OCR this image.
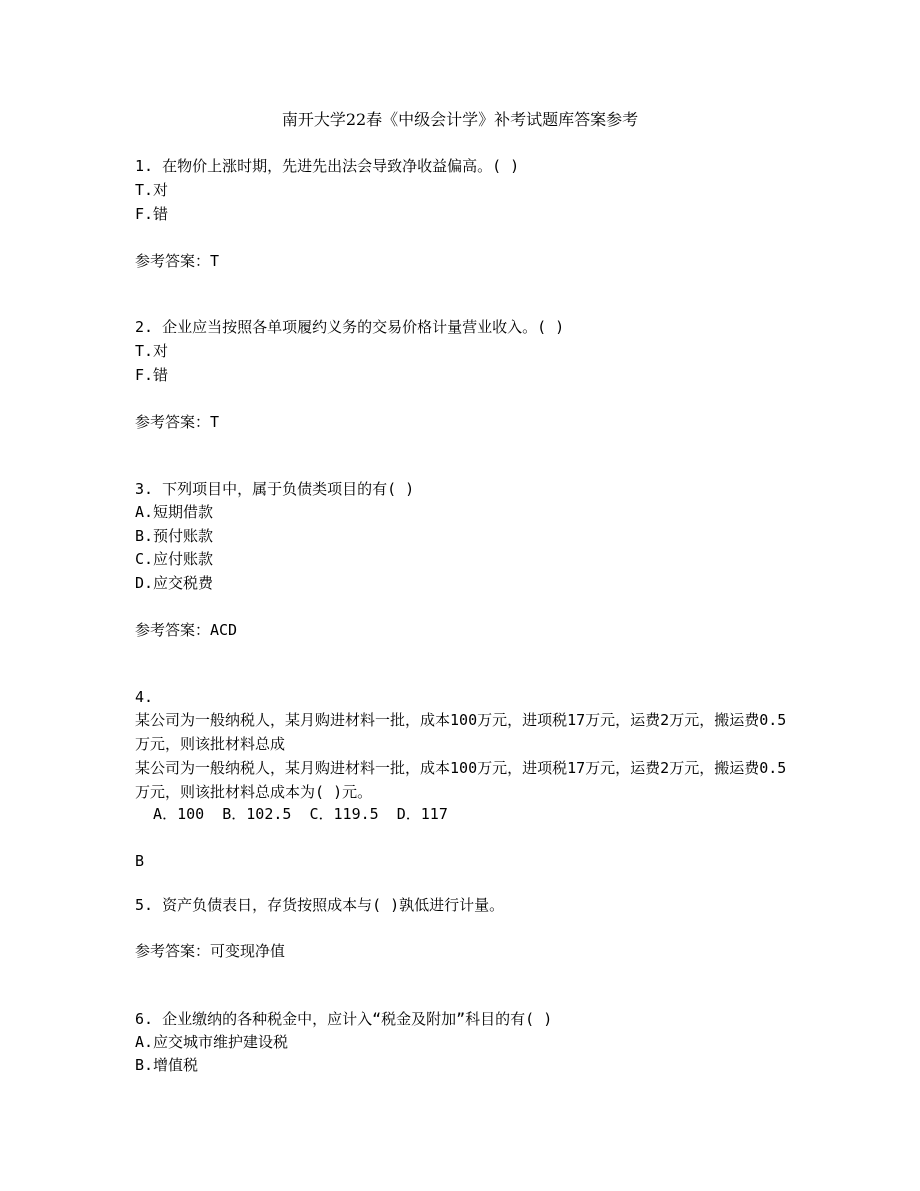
南开大学22春《中级会计学》补考试题库答案参考
1. 在物价上涨时期，先进先出法会导致净收益偏高。( )
T.对
F.错
参考答案：T
2. 企业应当按照各单项履约义务的交易价格计量营业收入。( )
T.对
F.错
参考答案：T
3. 下列项目中，属于负债类项目的有( )
A.短期借款
B.预付账款
C.应付账款
D.应交税费
参考答案：ACD
4.
某公司为一般纳税人，某月购进材料一批，成本100万元，进项税17万元，运费2万元，搬运费0.5万元，则该批材料总成
某公司为一般纳税人，某月购进材料一批，成本100万元，进项税17万元，运费2万元，搬运费0.5万元，则该批材料总成本为( )元。
A．100  B．102.5  C．119.5  D．117
B
5. 资产负债表日，存货按照成本与( )孰低进行计量。
参考答案：可变现净值
6. 企业缴纳的各种税金中，应计入“税金及附加”科目的有( )
A.应交城市维护建设税
B.增值税
